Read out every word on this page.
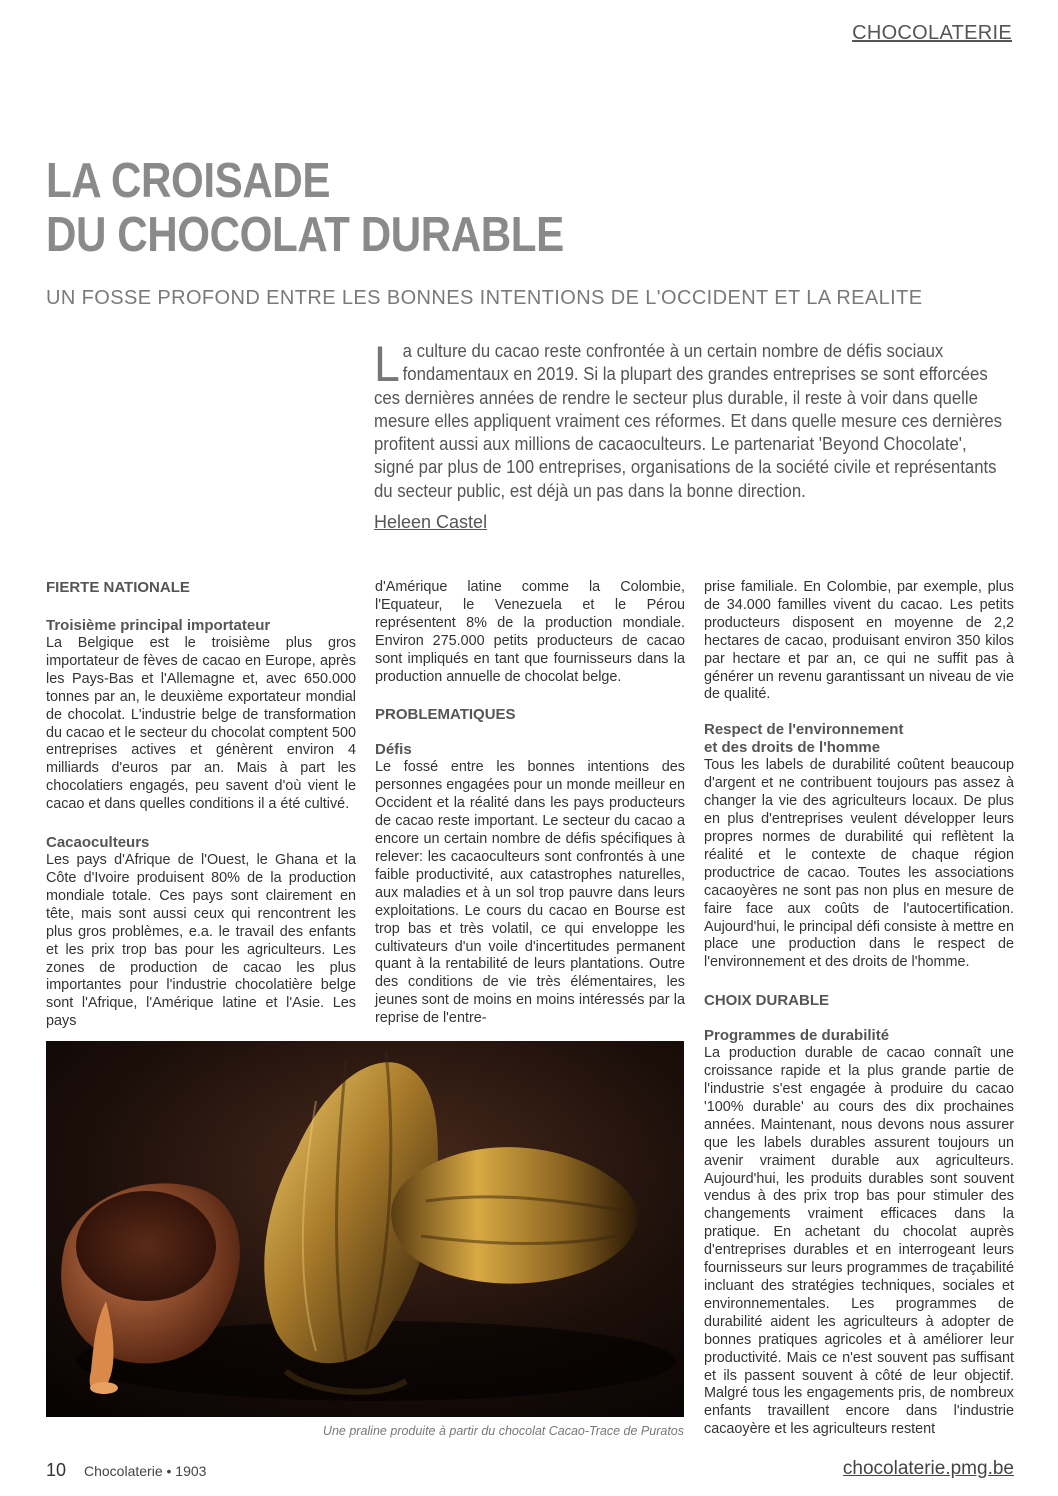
CHOCOLATERIE
LA CROISADE
DU CHOCOLAT DURABLE
UN FOSSE PROFOND ENTRE LES BONNES INTENTIONS DE L'OCCIDENT ET LA REALITE

La culture du cacao reste confrontée à un certain nombre de défis sociaux fondamentaux en 2019. Si la plupart des grandes entreprises se sont efforcées ces dernières années de rendre le secteur plus durable, il reste à voir dans quelle mesure elles appliquent vraiment ces réformes. Et dans quelle mesure ces dernières profitent aussi aux millions de cacaoculteurs. Le partenariat 'Beyond Chocolate', signé par plus de 100 entreprises, organisations de la société civile et représentants du secteur public, est déjà un pas dans la bonne direction.

Heleen Castel
FIERTE NATIONALE
Troisième principal importateur

La Belgique est le troisième plus gros importateur de fèves de cacao en Europe, après les Pays-Bas et l'Allemagne et, avec 650.000 tonnes par an, le deuxième exportateur mondial de chocolat. L'industrie belge de transformation du cacao et le secteur du chocolat comptent 500 entreprises actives et génèrent environ 4 milliards d'euros par an. Mais à part les chocolatiers engagés, peu savent d'où vient le cacao et dans quelles conditions il a été cultivé.

Cacaoculteurs

Les pays d'Afrique de l'Ouest, le Ghana et la Côte d'Ivoire produisent 80% de la production mondiale totale. Ces pays sont clairement en tête, mais sont aussi ceux qui rencontrent les plus gros problèmes, e.a. le travail des enfants et les prix trop bas pour les agriculteurs. Les zones de production de cacao les plus importantes pour l'industrie chocolatière belge sont l'Afrique, l'Amérique latine et l'Asie. Les pays

d'Amérique latine comme la Colombie, l'Equateur, le Venezuela et le Pérou représentent 8% de la production mondiale. Environ 275.000 petits producteurs de cacao sont impliqués en tant que fournisseurs dans la production annuelle de chocolat belge.

PROBLEMATIQUES
Défis

Le fossé entre les bonnes intentions des personnes engagées pour un monde meilleur en Occident et la réalité dans les pays producteurs de cacao reste important. Le secteur du cacao a encore un certain nombre de défis spécifiques à relever: les cacaoculteurs sont confrontés à une faible productivité, aux catastrophes naturelles, aux maladies et à un sol trop pauvre dans leurs exploitations. Le cours du cacao en Bourse est trop bas et très volatil, ce qui enveloppe les cultivateurs d'un voile d'incertitudes permanent quant à la rentabilité de leurs plantations. Outre des conditions de vie très élémentaires, les jeunes sont de moins en moins intéressés par la reprise de l'entre-

prise familiale. En Colombie, par exemple, plus de 34.000 familles vivent du cacao. Les petits producteurs disposent en moyenne de 2,2 hectares de cacao, produisant environ 350 kilos par hectare et par an, ce qui ne suffit pas à générer un revenu garantissant un niveau de vie de qualité.

Respect de l'environnement
et des droits de l'homme

Tous les labels de durabilité coûtent beaucoup d'argent et ne contribuent toujours pas assez à changer la vie des agriculteurs locaux. De plus en plus d'entreprises veulent développer leurs propres normes de durabilité qui reflètent la réalité et le contexte de chaque région productrice de cacao. Toutes les associations cacaoyères ne sont pas non plus en mesure de faire face aux coûts de l'autocertification. Aujourd'hui, le principal défi consiste à mettre en place une production dans le respect de l'environnement et des droits de l'homme.

CHOIX DURABLE
Programmes de durabilité

La production durable de cacao connaît une croissance rapide et la plus grande partie de l'industrie s'est engagée à produire du cacao '100% durable' au cours des dix prochaines années. Maintenant, nous devons nous assurer que les labels durables assurent toujours un avenir vraiment durable aux agriculteurs. Aujourd'hui, les produits durables sont souvent vendus à des prix trop bas pour stimuler des changements vraiment efficaces dans la pratique. En achetant du chocolat auprès d'entreprises durables et en interrogeant leurs fournisseurs sur leurs programmes de traçabilité incluant des stratégies techniques, sociales et environnementales. Les programmes de durabilité aident les agriculteurs à adopter de bonnes pratiques agricoles et à améliorer leur productivité. Mais ce n'est souvent pas suffisant et ils passent souvent à côté de leur objectif. Malgré tous les engagements pris, de nombreux enfants travaillent encore dans l'industrie cacaoyère et les agriculteurs restent

Une praline produite à partir du chocolat Cacao-Trace de Puratos
10 Chocolaterie • 1903	chocolaterie.pmg.be
